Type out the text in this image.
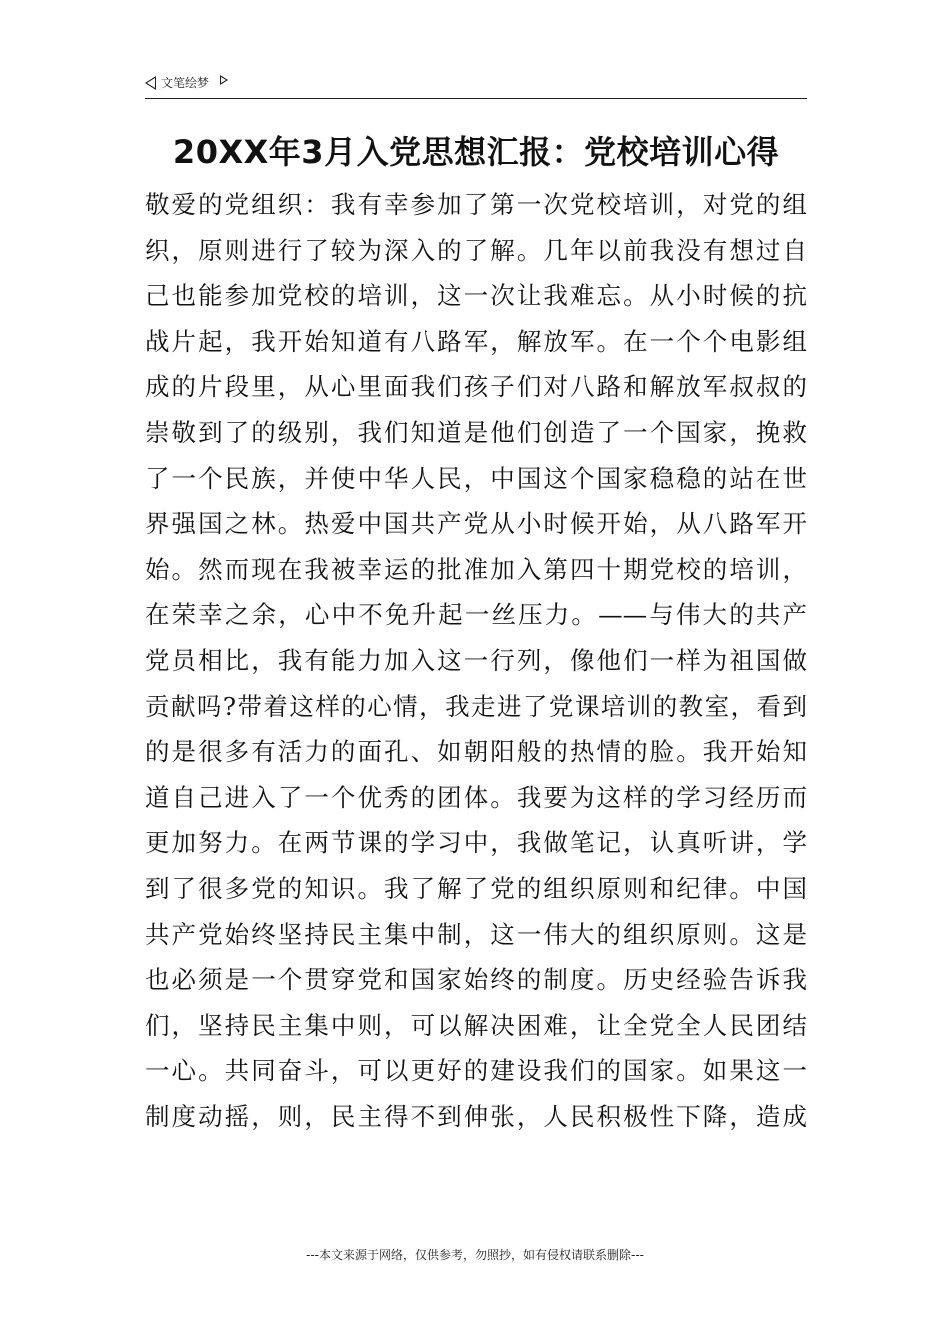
文笔绘梦
20XX年3月入党思想汇报：党校培训心得
敬爱的党组织：我有幸参加了第一次党校培训，对党的组
织，原则进行了较为深入的了解。几年以前我没有想过自
己也能参加党校的培训，这一次让我难忘。从小时候的抗
战片起，我开始知道有八路军，解放军。在一个个电影组
成的片段里，从心里面我们孩子们对八路和解放军叔叔的
崇敬到了的级别，我们知道是他们创造了一个国家，挽救
了一个民族，并使中华人民，中国这个国家稳稳的站在世
界强国之林。热爱中国共产党从小时候开始，从八路军开
始。然而现在我被幸运的批准加入第四十期党校的培训，
在荣幸之余，心中不免升起一丝压力。——与伟大的共产
党员相比，我有能力加入这一行列，像他们一样为祖国做
贡献吗?带着这样的心情，我走进了党课培训的教室，看到
的是很多有活力的面孔、如朝阳般的热情的脸。我开始知
道自己进入了一个优秀的团体。我要为这样的学习经历而
更加努力。在两节课的学习中，我做笔记，认真听讲，学
到了很多党的知识。我了解了党的组织原则和纪律。中国
共产党始终坚持民主集中制，这一伟大的组织原则。这是
也必须是一个贯穿党和国家始终的制度。历史经验告诉我
们，坚持民主集中则，可以解决困难，让全党全人民团结
一心。共同奋斗，可以更好的建设我们的国家。如果这一
制度动摇，则，民主得不到伸张，人民积极性下降，造成
---本文来源于网络，仅供参考，勿照抄，如有侵权请联系删除---
